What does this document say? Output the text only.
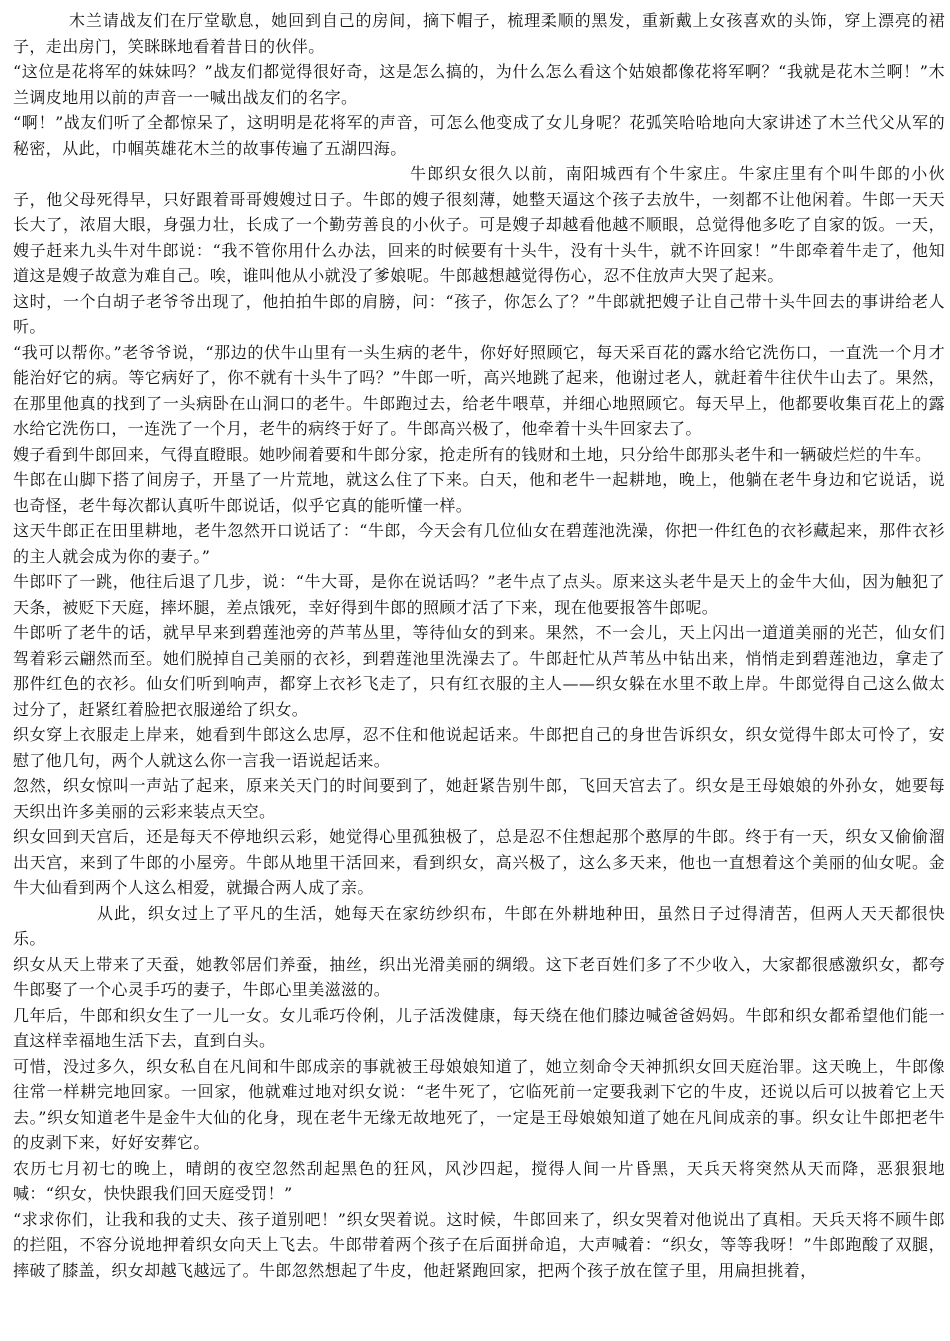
木兰请战友们在厅堂歇息，她回到自己的房间，摘下帽子，梳理柔顺的黑发，重新戴上女孩喜欢的头饰，穿上漂亮的裙子，走出房门，笑眯眯地看着昔日的伙伴。

“这位是花将军的妹妹吗？”战友们都觉得很好奇，这是怎么搞的，为什么怎么看这个姑娘都像花将军啊？“我就是花木兰啊！”木兰调皮地用以前的声音一一喊出战友们的名字。

“啊！”战友们听了全都惊呆了，这明明是花将军的声音，可怎么他变成了女儿身呢？花弧笑哈哈地向大家讲述了木兰代父从军的秘密，从此，巾帼英雄花木兰的故事传遍了五湖四海。

牛郎织女很久以前，南阳城西有个牛家庄。牛家庄里有个叫牛郎的小伙子，他父母死得早，只好跟着哥哥嫂嫂过日子。牛郎的嫂子很刻薄，她整天逼这个孩子去放牛，一刻都不让他闲着。牛郎一天天长大了，浓眉大眼，身强力壮，长成了一个勤劳善良的小伙子。可是嫂子却越看他越不顺眼，总觉得他多吃了自家的饭。一天，嫂子赶来九头牛对牛郎说：“我不管你用什么办法，回来的时候要有十头牛，没有十头牛，就不许回家！”牛郎牵着牛走了，他知道这是嫂子故意为难自己。唉，谁叫他从小就没了爹娘呢。牛郎越想越觉得伤心，忍不住放声大哭了起来。

这时，一个白胡子老爷爷出现了，他拍拍牛郎的肩膀，问：“孩子，你怎么了？”牛郎就把嫂子让自己带十头牛回去的事讲给老人听。

“我可以帮你。”老爷爷说，“那边的伏牛山里有一头生病的老牛，你好好照顾它，每天采百花的露水给它洗伤口，一直洗一个月才能治好它的病。等它病好了，你不就有十头牛了吗？”牛郎一听，高兴地跳了起来，他谢过老人，就赶着牛往伏牛山去了。果然，在那里他真的找到了一头病卧在山洞口的老牛。牛郎跑过去，给老牛喂草，并细心地照顾它。每天早上，他都要收集百花上的露水给它洗伤口，一连洗了一个月，老牛的病终于好了。牛郎高兴极了，他牵着十头牛回家去了。

嫂子看到牛郎回来，气得直瞪眼。她吵闹着要和牛郎分家，抢走所有的钱财和土地，只分给牛郎那头老牛和一辆破烂烂的牛车。

牛郎在山脚下搭了间房子，开垦了一片荒地，就这么住了下来。白天，他和老牛一起耕地，晚上，他躺在老牛身边和它说话，说也奇怪，老牛每次都认真听牛郎说话，似乎它真的能听懂一样。

这天牛郎正在田里耕地，老牛忽然开口说话了：“牛郎，今天会有几位仙女在碧莲池洗澡，你把一件红色的衣衫藏起来，那件衣衫的主人就会成为你的妻子。”

牛郎吓了一跳，他往后退了几步，说：“牛大哥，是你在说话吗？”老牛点了点头。原来这头老牛是天上的金牛大仙，因为触犯了天条，被贬下天庭，摔坏腿，差点饿死，幸好得到牛郎的照顾才活了下来，现在他要报答牛郎呢。

牛郎听了老牛的话，就早早来到碧莲池旁的芦苇丛里，等待仙女的到来。果然，不一会儿，天上闪出一道道美丽的光芒，仙女们驾着彩云翩然而至。她们脱掉自己美丽的衣衫，到碧莲池里洗澡去了。牛郎赶忙从芦苇丛中钻出来，悄悄走到碧莲池边，拿走了那件红色的衣衫。仙女们听到响声，都穿上衣衫飞走了，只有红衣服的主人——织女躲在水里不敢上岸。牛郎觉得自己这么做太过分了，赶紧红着脸把衣服递给了织女。

织女穿上衣服走上岸来，她看到牛郎这么忠厚，忍不住和他说起话来。牛郎把自己的身世告诉织女，织女觉得牛郎太可怜了，安慰了他几句，两个人就这么你一言我一语说起话来。

忽然，织女惊叫一声站了起来，原来关天门的时间要到了，她赶紧告别牛郎，飞回天宫去了。织女是王母娘娘的外孙女，她要每天织出许多美丽的云彩来装点天空。

织女回到天宫后，还是每天不停地织云彩，她觉得心里孤独极了，总是忍不住想起那个憨厚的牛郎。终于有一天，织女又偷偷溜出天宫，来到了牛郎的小屋旁。牛郎从地里干活回来，看到织女，高兴极了，这么多天来，他也一直想着这个美丽的仙女呢。金牛大仙看到两个人这么相爱，就撮合两人成了亲。

从此，织女过上了平凡的生活，她每天在家纺纱织布，牛郎在外耕地种田，虽然日子过得清苦，但两人天天都很快乐。

织女从天上带来了天蚕，她教邻居们养蚕，抽丝，织出光滑美丽的绸缎。这下老百姓们多了不少收入，大家都很感激织女，都夸牛郎娶了一个心灵手巧的妻子，牛郎心里美滋滋的。

几年后，牛郎和织女生了一儿一女。女儿乖巧伶俐，儿子活泼健康，每天绕在他们膝边喊爸爸妈妈。牛郎和织女都希望他们能一直这样幸福地生活下去，直到白头。

可惜，没过多久，织女私自在凡间和牛郎成亲的事就被王母娘娘知道了，她立刻命令天神抓织女回天庭治罪。这天晚上，牛郎像往常一样耕完地回家。一回家，他就难过地对织女说：“老牛死了，它临死前一定要我剥下它的牛皮，还说以后可以披着它上天去。”织女知道老牛是金牛大仙的化身，现在老牛无缘无故地死了，一定是王母娘娘知道了她在凡间成亲的事。织女让牛郎把老牛的皮剥下来，好好安葬它。

农历七月初七的晚上，晴朗的夜空忽然刮起黑色的狂风，风沙四起，搅得人间一片昏黑，天兵天将突然从天而降，恶狠狠地喊：“织女，快快跟我们回天庭受罚！”

“求求你们，让我和我的丈夫、孩子道别吧！”织女哭着说。这时候，牛郎回来了，织女哭着对他说出了真相。天兵天将不顾牛郎的拦阻，不容分说地押着织女向天上飞去。牛郎带着两个孩子在后面拼命追，大声喊着：“织女，等等我呀！”牛郎跑酸了双腿，摔破了膝盖，织女却越飞越远了。牛郎忽然想起了牛皮，他赶紧跑回家，把两个孩子放在筐子里，用扁担挑着，
